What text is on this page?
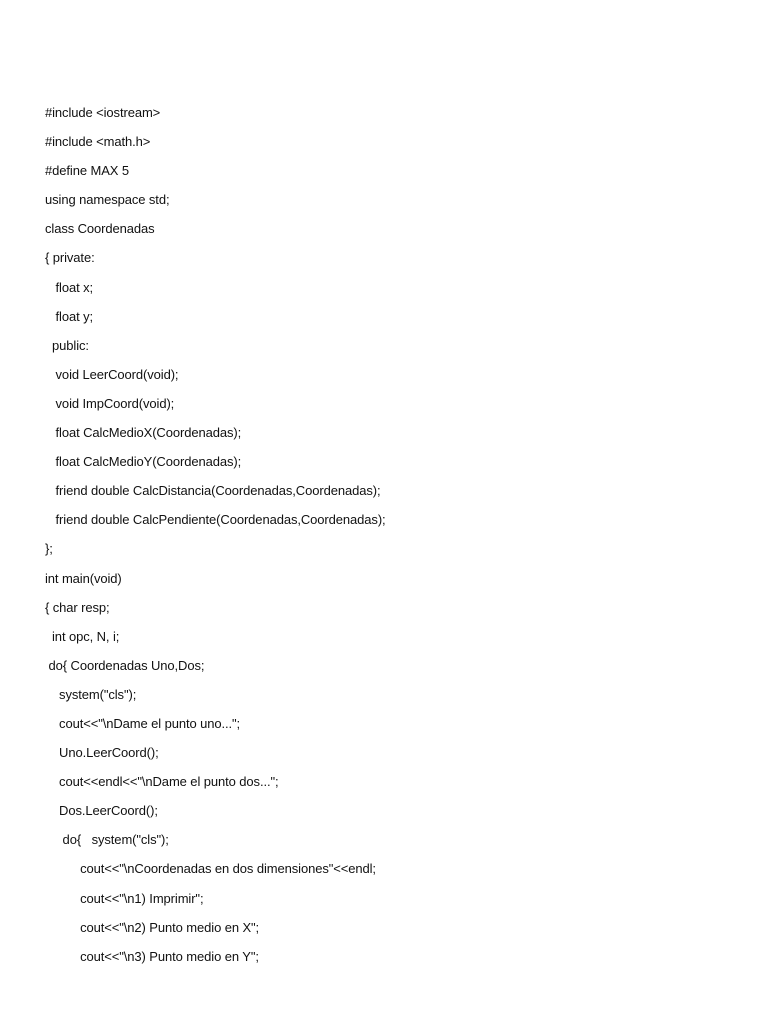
#include <iostream>
#include <math.h>
#define MAX 5
using namespace std;
class Coordenadas
{ private:
float x;
float y;
public:
void LeerCoord(void);
void ImpCoord(void);
float CalcMedioX(Coordenadas);
float CalcMedioY(Coordenadas);
friend double CalcDistancia(Coordenadas,Coordenadas);
friend double CalcPendiente(Coordenadas,Coordenadas);
};
int main(void)
{ char resp;
int opc, N, i;
do{ Coordenadas Uno,Dos;
system("cls");
cout<<"\nDame el punto uno...";
Uno.LeerCoord();
cout<<endl<<"\nDame el punto dos...";
Dos.LeerCoord();
do{   system("cls");
cout<<"\nCoordenadas en dos dimensiones"<<endl;
cout<<"\n1) Imprimir";
cout<<"\n2) Punto medio en X";
cout<<"\n3) Punto medio en Y";
